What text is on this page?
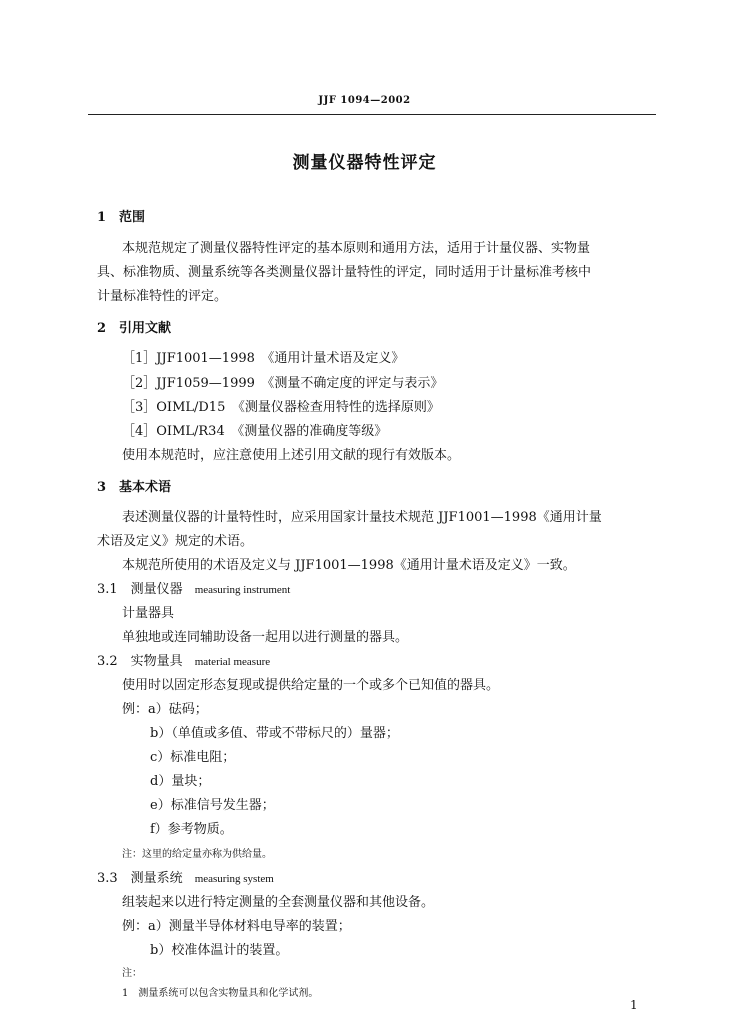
JJF 1094—2002
测量仪器特性评定
1　范围
本规范规定了测量仪器特性评定的基本原则和通用方法，适用于计量仪器、实物量
具、标准物质、测量系统等各类测量仪器计量特性的评定，同时适用于计量标准考核中
计量标准特性的评定。
2　引用文献
［1］JJF1001—1998　《通用计量术语及定义》
［2］JJF1059—1999　《测量不确定度的评定与表示》
［3］OIML/D15　《测量仪器检查用特性的选择原则》
［4］OIML/R34　《测量仪器的准确度等级》
使用本规范时，应注意使用上述引用文献的现行有效版本。
3　基本术语
表述测量仪器的计量特性时，应采用国家计量技术规范 JJF1001—1998《通用计量
术语及定义》规定的术语。
本规范所使用的术语及定义与 JJF1001—1998《通用计量术语及定义》一致。
3.1　测量仪器 measuring instrument
计量器具
单独地或连同辅助设备一起用以进行测量的器具。
3.2　实物量具 material measure
使用时以固定形态复现或提供给定量的一个或多个已知值的器具。
例：a）砝码；
b）（单值或多值、带或不带标尺的）量器；
c）标准电阻；
d）量块；
e）标准信号发生器；
f）参考物质。
注：这里的给定量亦称为供给量。
3.3　测量系统 measuring system
组装起来以进行特定测量的全套测量仪器和其他设备。
例：a）测量半导体材料电导率的装置；
b）校准体温计的装置。
注：
1　测量系统可以包含实物量具和化学试剂。
1
